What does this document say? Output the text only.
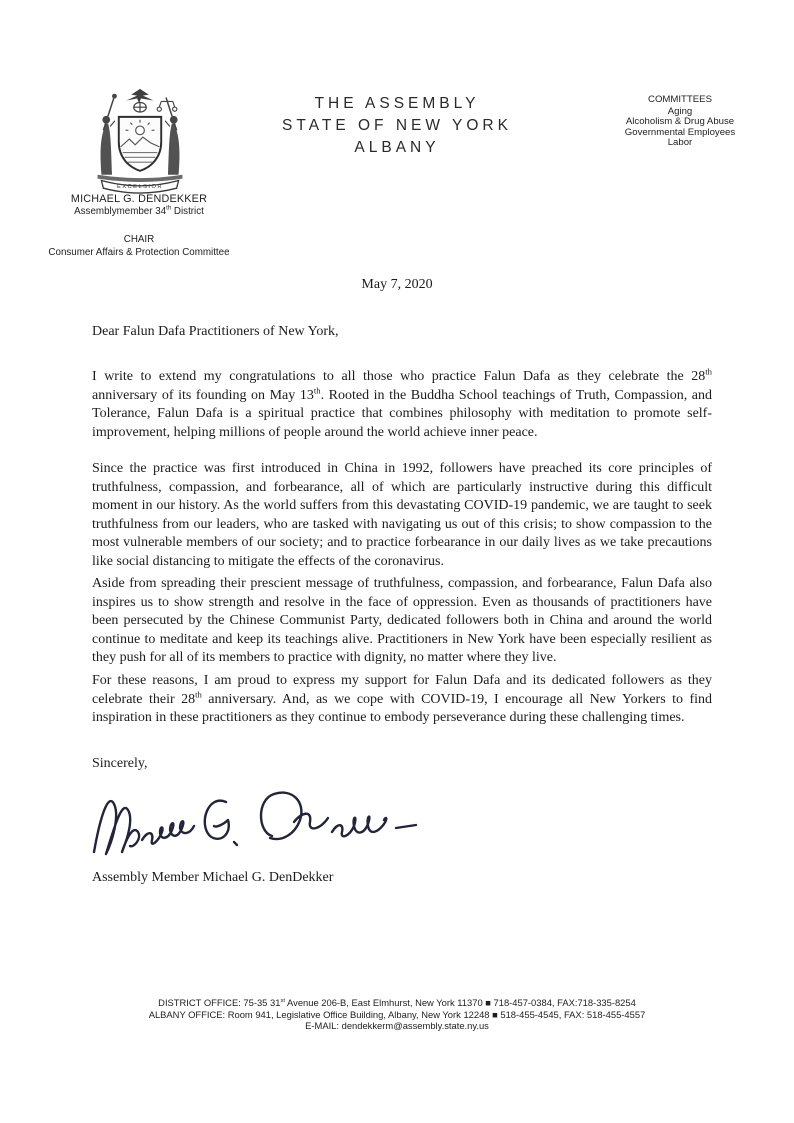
EXCELSIOR
MICHAEL G. DENDEKKER
Assemblymember 34th District
CHAIR
Consumer Affairs & Protection Committee
THE ASSEMBLY
STATE OF NEW YORK
ALBANY
COMMITTEES
Aging
Alcoholism & Drug Abuse
Governmental Employees
Labor
May 7, 2020
Dear Falun Dafa Practitioners of New York,
I write to extend my congratulations to all those who practice Falun Dafa as they celebrate the 28th anniversary of its founding on May 13th. Rooted in the Buddha School teachings of Truth, Compassion, and Tolerance, Falun Dafa is a spiritual practice that combines philosophy with meditation to promote self-improvement, helping millions of people around the world achieve inner peace.
Since the practice was first introduced in China in 1992, followers have preached its core principles of truthfulness, compassion, and forbearance, all of which are particularly instructive during this difficult moment in our history. As the world suffers from this devastating COVID-19 pandemic, we are taught to seek truthfulness from our leaders, who are tasked with navigating us out of this crisis; to show compassion to the most vulnerable members of our society; and to practice forbearance in our daily lives as we take precautions like social distancing to mitigate the effects of the coronavirus.
Aside from spreading their prescient message of truthfulness, compassion, and forbearance, Falun Dafa also inspires us to show strength and resolve in the face of oppression. Even as thousands of practitioners have been persecuted by the Chinese Communist Party, dedicated followers both in China and around the world continue to meditate and keep its teachings alive. Practitioners in New York have been especially resilient as they push for all of its members to practice with dignity, no matter where they live.
For these reasons, I am proud to express my support for Falun Dafa and its dedicated followers as they celebrate their 28th anniversary. And, as we cope with COVID-19, I encourage all New Yorkers to find inspiration in these practitioners as they continue to embody perseverance during these challenging times.
Sincerely,
Assembly Member Michael G. DenDekker
DISTRICT OFFICE: 75-35 31st Avenue 206-B, East Elmhurst, New York 11370 ■ 718-457-0384, FAX:718-335-8254
ALBANY OFFICE: Room 941, Legislative Office Building, Albany, New York 12248 ■ 518-455-4545, FAX: 518-455-4557
E-MAIL: dendekkerm@assembly.state.ny.us
